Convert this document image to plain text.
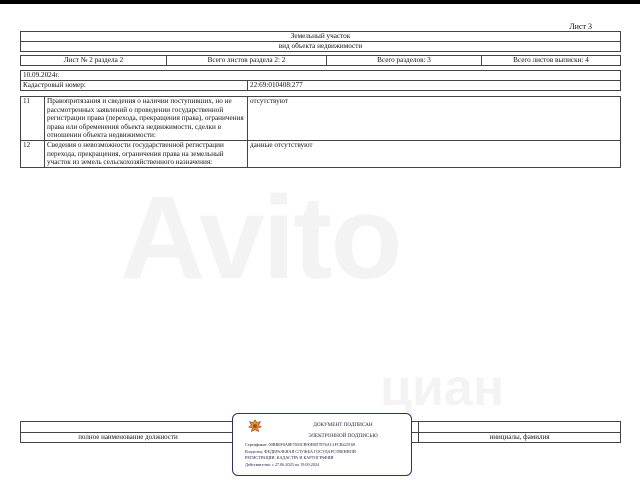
Лист 3
Земельный участок
вид объекта недвижимости

Лист № 2 раздела 2	Всего листов раздела 2: 2	Всего разделов: 3	Всего листов выписки: 4
10.09.2024г.
Кадастровый номер:	22:69:010408:277
11	Правопритязания и сведения о наличии поступивших, но не рассмотренных заявлений о проведении государственной регистрации права (перехода, прекращения права), ограничения права или обременения объекта недвижимости, сделки в отношении объекта недвижимости:	отсутствуют
12	Сведения о невозможности государственной регистрации перехода, прекращения, ограничения права на земельный участок из земель сельскохозяйственного назначения:	данные отсутствуют

полное наименование должности		инициалы, фамилия
ДОКУМЕНТ ПОДПИСАН
ЭЛЕКТРОННОЙ ПОДПИСЬЮ
Сертификат: 00BB0F0A8E7693CB90E8D7876AC1FCB425168
Владелец: ФЕДЕРАЛЬНАЯ СЛУЖБА ГОСУДАРСТВЕННОЙ
РЕГИСТРАЦИИ, КАДАСТРА И КАРТОГРАФИИ
Действителен: с 27.06.2023 по 19.09.2024
